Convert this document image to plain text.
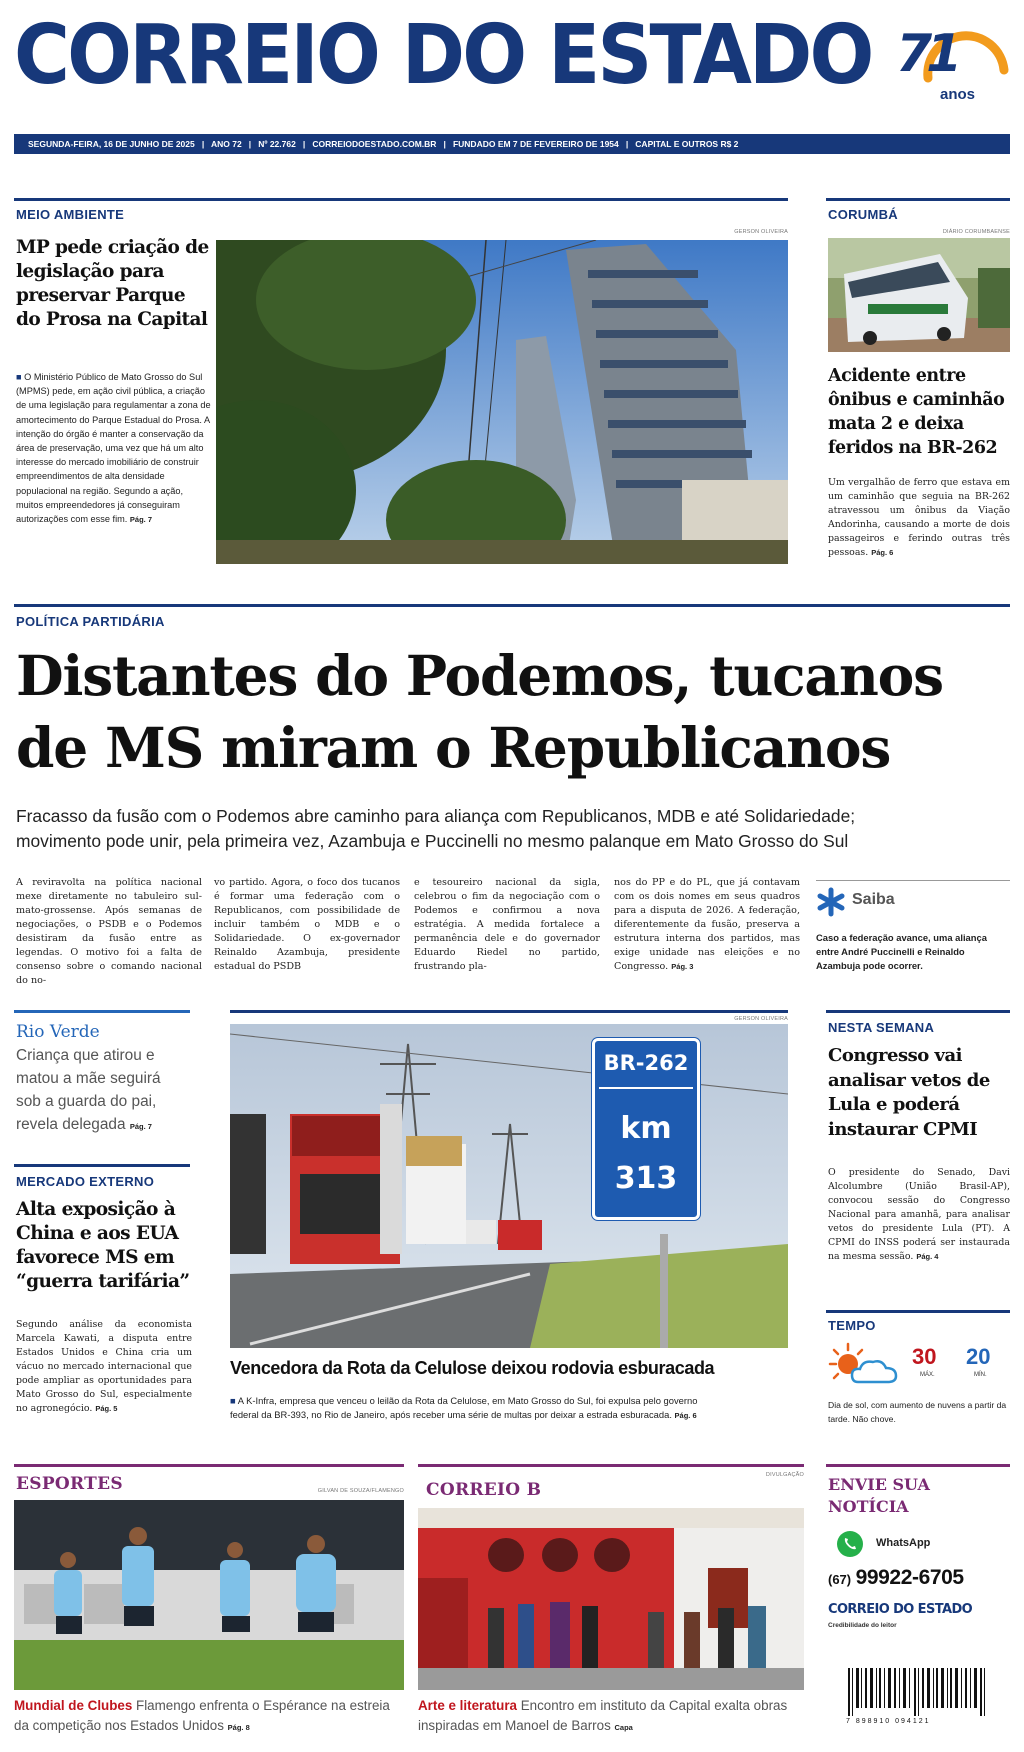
CORREIO DO ESTADO 71
anos
SEGUNDA-FEIRA, 16 DE JUNHO DE 2025   |   ANO 72   |   Nº 22.762   |   CORREIODOESTADO.COM.BR   |   FUNDADO EM 7 DE FEVEREIRO DE 1954   |   CAPITAL E OUTROS R$ 2
MEIO AMBIENTE
GERSON OLIVEIRA
MP pede criação de legislação para preservar Parque do Prosa na Capital
■ O Ministério Público de Mato Grosso do Sul (MPMS) pede, em ação civil pública, a criação de uma legislação para regulamentar a zona de amortecimento do Parque Estadual do Prosa. A intenção do órgão é manter a conservação da área de preservação, uma vez que há um alto interesse do mercado imobiliário de construir empreendimentos de alta densidade populacional na região. Segundo a ação, muitos empreendedores já conseguiram autorizações com esse fim. Pág. 7
CORUMBÁ
DIÁRIO CORUMBAENSE
Acidente entre ônibus e caminhão mata 2 e deixa feridos na BR-262
Um vergalhão de ferro que estava em um caminhão que seguia na BR-262 atravessou um ônibus da Viação Andorinha, causando a morte de dois passageiros e ferindo outras três pessoas. Pág. 6
POLÍTICA PARTIDÁRIA
Distantes do Podemos, tucanos
de MS miram o Republicanos
Fracasso da fusão com o Podemos abre caminho para aliança com Republicanos, MDB e até Solidariedade;
movimento pode unir, pela primeira vez, Azambuja e Puccinelli no mesmo palanque em Mato Grosso do Sul
A reviravolta na política nacional mexe diretamente no tabuleiro sul-mato-grossense. Após semanas de negociações, o PSDB e o Podemos desistiram da fusão entre as legendas. O motivo foi a falta de consenso sobre o comando nacional do no-
vo partido. Agora, o foco dos tucanos é formar uma federação com o Republicanos, com possibilidade de incluir também o MDB e o Solidariedade. O ex-governador Reinaldo Azambuja, presidente estadual do PSDB
e tesoureiro nacional da sigla, celebrou o fim da negociação com o Podemos e confirmou a nova estratégia. A medida fortalece a permanência dele e do governador Eduardo Riedel no partido, frustrando pla-
nos do PP e do PL, que já contavam com os dois nomes em seus quadros para a disputa de 2026. A federação, diferentemente da fusão, preserva a estrutura interna dos partidos, mas exige unidade nas eleições e no Congresso. Pág. 3
Saiba
Caso a federação avance, uma aliança entre André Puccinelli e Reinaldo Azambuja pode ocorrer.
Rio Verde
Criança que atirou e matou a mãe seguirá sob a guarda do pai, revela delegada Pág. 7
MERCADO EXTERNO
Alta exposição à China e aos EUA favorece MS em “guerra tarifária”
Segundo análise da economista Marcela Kawati, a disputa entre Estados Unidos e China cria um vácuo no mercado internacional que pode ampliar as oportunidades para Mato Grosso do Sul, especialmente no agronegócio. Pág. 5
GERSON OLIVEIRA
BR-262
km
313
Vencedora da Rota da Celulose deixou rodovia esburacada
■ A K-Infra, empresa que venceu o leilão da Rota da Celulose, em Mato Grosso do Sul, foi expulsa pelo governo
federal da BR-393, no Rio de Janeiro, após receber uma série de multas por deixar a estrada esburacada. Pág. 6
NESTA SEMANA
Congresso vai analisar vetos de Lula e poderá instaurar CPMI
O presidente do Senado, Davi Alcolumbre (União Brasil-AP), convocou sessão do Congresso Nacional para amanhã, para analisar vetos do presidente Lula (PT). A CPMI do INSS poderá ser instaurada na mesma sessão. Pág. 4
TEMPO
30
MÁX.
20
MÍN.
Dia de sol, com aumento de nuvens a partir da tarde. Não chove.
ESPORTES	GILVAN DE SOUZA/FLAMENGO
Mundial de Clubes Flamengo enfrenta o Espérance na estreia da competição nos Estados Unidos Pág. 8
CORREIO B
DIVULGAÇÃO
Arte e literatura Encontro em instituto da Capital exalta obras inspiradas em Manoel de Barros Capa
ENVIE SUA
NOTÍCIA
WhatsApp
(67) 99922-6705
CORREIO DO ESTADO
Credibilidade do leitor
7 898910 094121
